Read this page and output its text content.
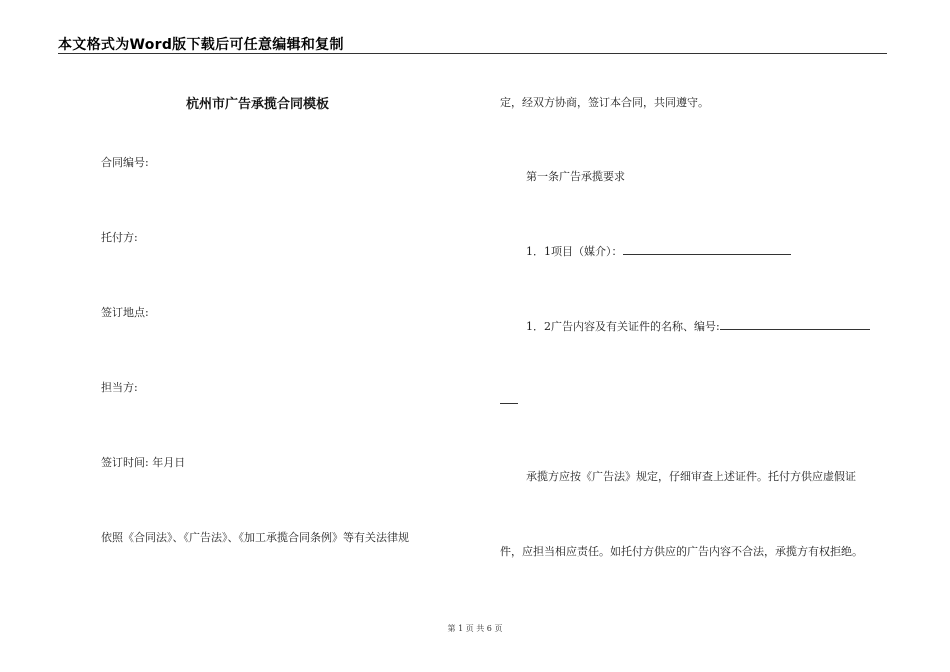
本文格式为Word版下载后可任意编辑和复制
杭州市广告承揽合同模板
合同编号:
托付方:
签订地点:
担当方:
签订时间: 年月日
依照《合同法》、《广告法》、《加工承揽合同条例》等有关法律规
定，经双方协商，签订本合同，共同遵守。
第一条广告承揽要求
1．1项目（媒介）：
1．2广告内容及有关证件的名称、编号:
承揽方应按《广告法》规定，仔细审查上述证件。托付方供应虚假证
件，应担当相应责任。如托付方供应的广告内容不合法，承揽方有权拒绝。
第 1 页 共 6 页
